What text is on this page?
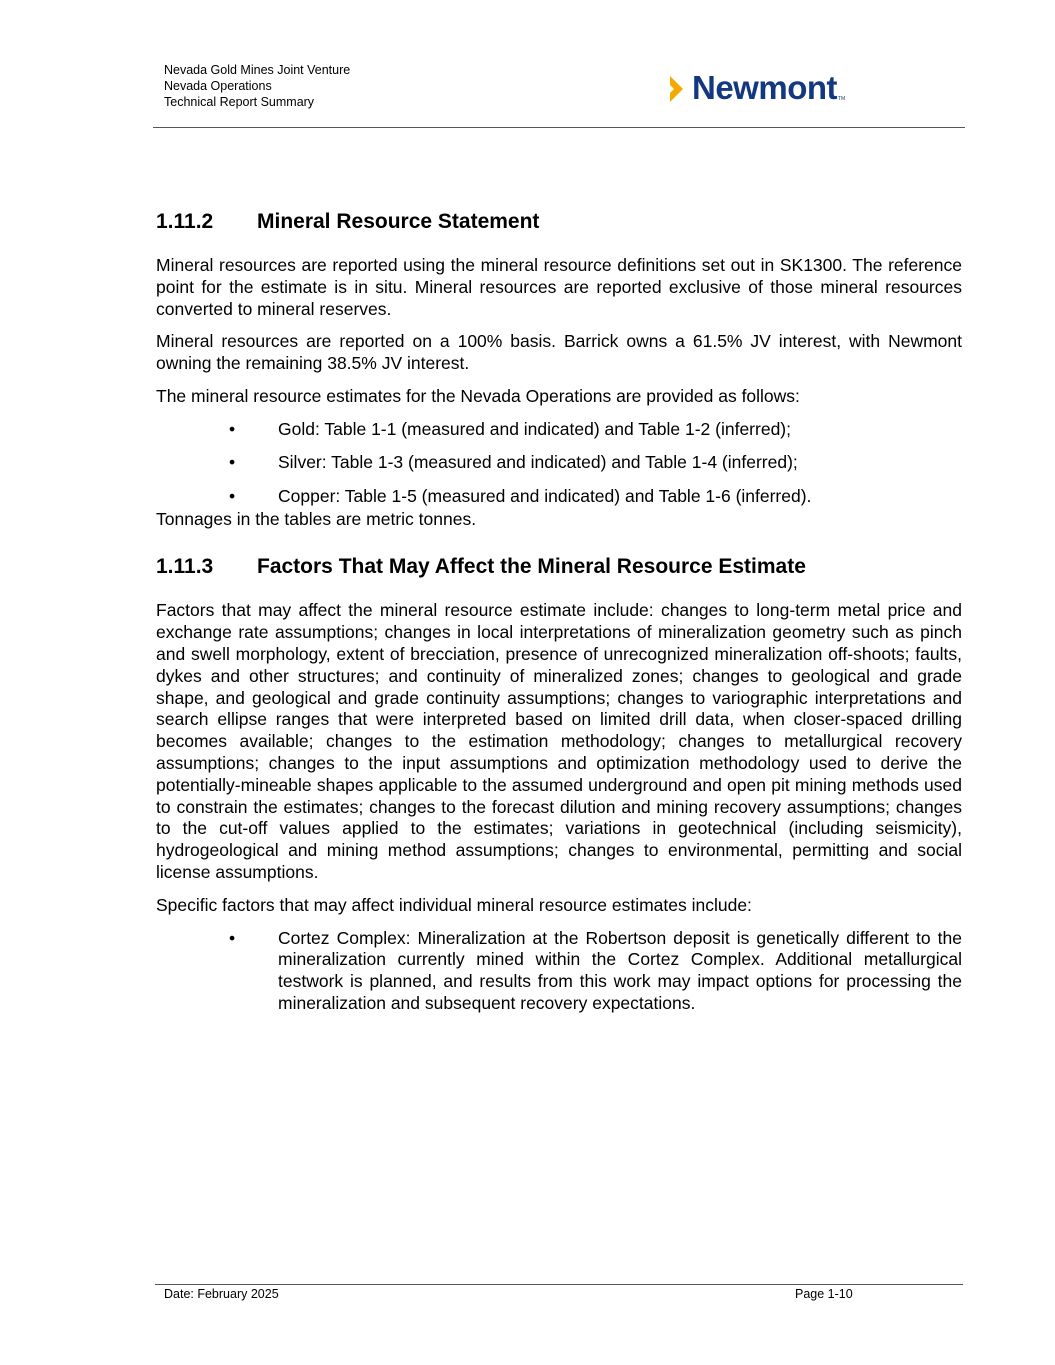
Nevada Gold Mines Joint Venture
Nevada Operations
Technical Report Summary	Newmont TM
1.11.2	Mineral Resource Statement

Mineral resources are reported using the mineral resource definitions set out in SK1300. The reference point for the estimate is in situ. Mineral resources are reported exclusive of those mineral resources converted to mineral reserves.

Mineral resources are reported on a 100% basis. Barrick owns a 61.5% JV interest, with Newmont owning the remaining 38.5% JV interest.

The mineral resource estimates for the Nevada Operations are provided as follows:

• Gold: Table 1-1 (measured and indicated) and Table 1-2 (inferred);
• Silver: Table 1-3 (measured and indicated) and Table 1-4 (inferred);
• Copper: Table 1-5 (measured and indicated) and Table 1-6 (inferred).

Tonnages in the tables are metric tonnes.

1.11.3	Factors That May Affect the Mineral Resource Estimate

Factors that may affect the mineral resource estimate include: changes to long-term metal price and exchange rate assumptions; changes in local interpretations of mineralization geometry such as pinch and swell morphology, extent of brecciation, presence of unrecognized mineralization off-shoots; faults, dykes and other structures; and continuity of mineralized zones; changes to geological and grade shape, and geological and grade continuity assumptions; changes to variographic interpretations and search ellipse ranges that were interpreted based on limited drill data, when closer-spaced drilling becomes available; changes to the estimation methodology; changes to metallurgical recovery assumptions; changes to the input assumptions and optimization methodology used to derive the potentially-mineable shapes applicable to the assumed underground and open pit mining methods used to constrain the estimates; changes to the forecast dilution and mining recovery assumptions; changes to the cut-off values applied to the estimates; variations in geotechnical (including seismicity), hydrogeological and mining method assumptions; changes to environmental, permitting and social license assumptions.

Specific factors that may affect individual mineral resource estimates include:

• Cortez Complex: Mineralization at the Robertson deposit is genetically different to the mineralization currently mined within the Cortez Complex. Additional metallurgical testwork is planned, and results from this work may impact options for processing the mineralization and subsequent recovery expectations.
Date: February 2025	Page 1-10
